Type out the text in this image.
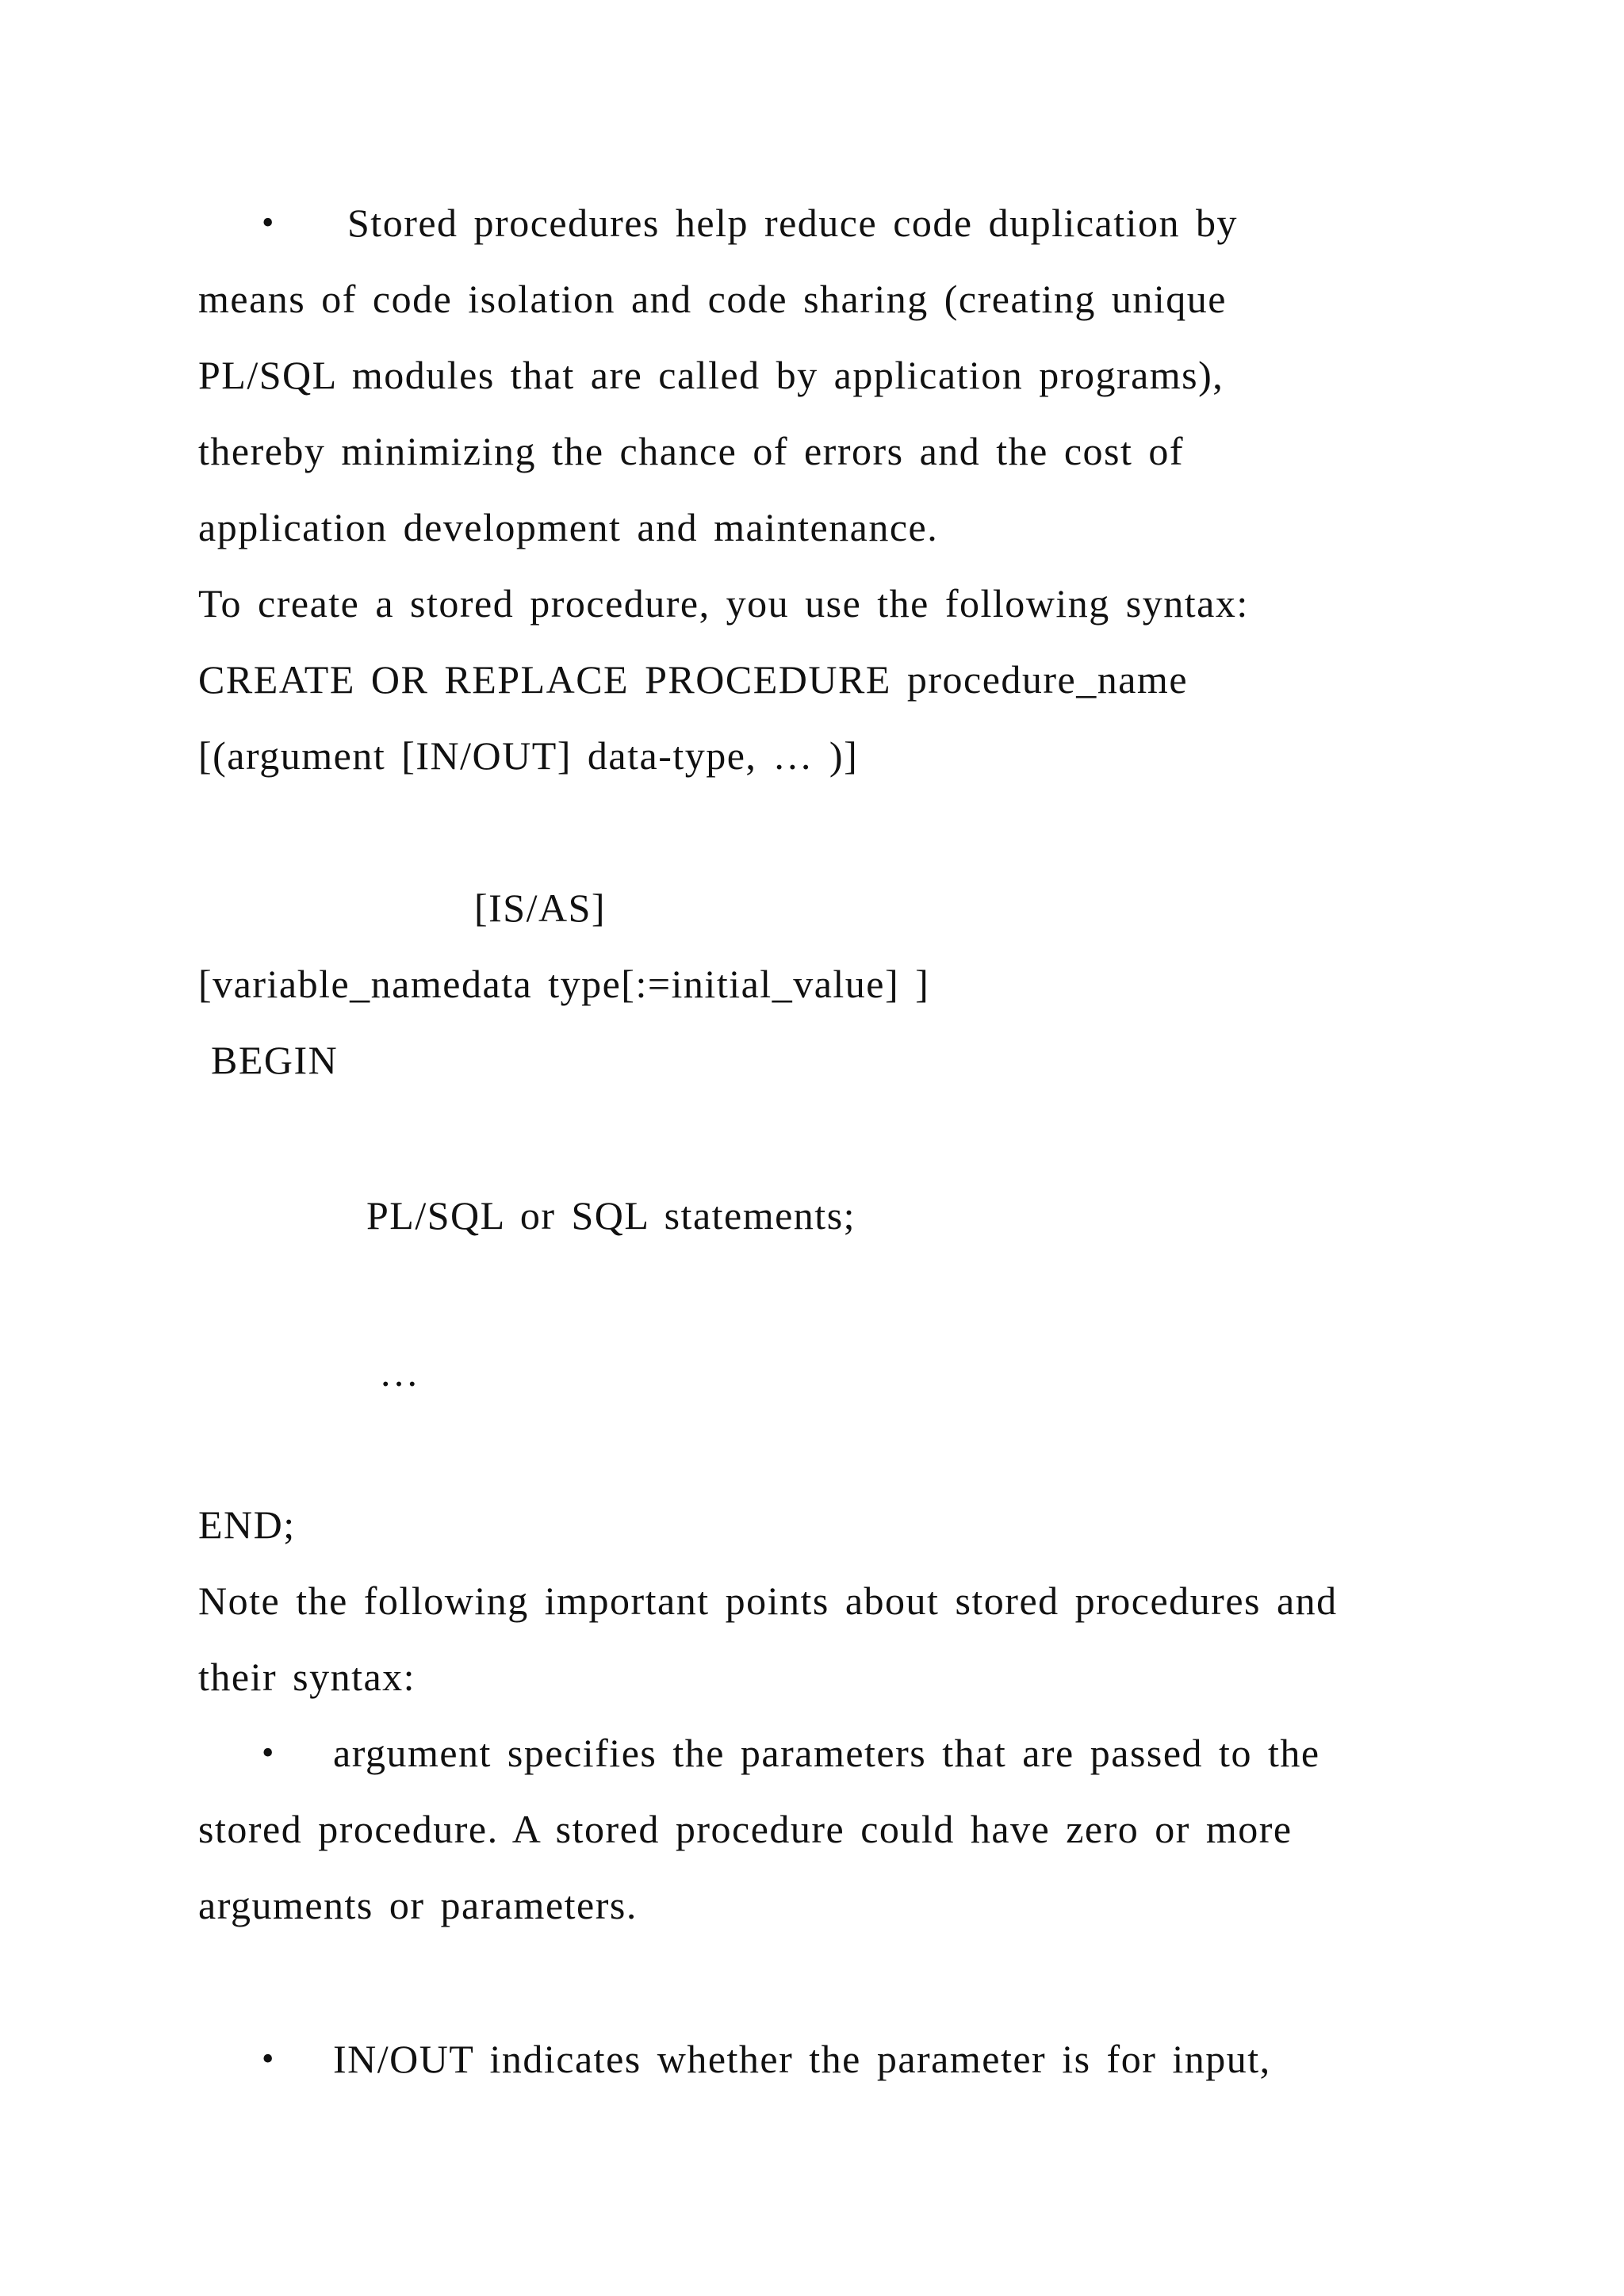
• Stored procedures help reduce code duplication by
means of code isolation and code sharing (creating unique
PL/SQL modules that are called by application programs),
thereby minimizing the chance of errors and the cost of
application development and maintenance.
To create a stored procedure, you use the following syntax:
CREATE OR REPLACE PROCEDURE procedure_name
[(argument [IN/OUT] data-type, … )]
[IS/AS]
[variable_namedata type[:=initial_value] ]
BEGIN
PL/SQL or SQL statements;
…
END;
Note the following important points about stored procedures and
their syntax:
• argument specifies the parameters that are passed to the
stored procedure. A stored procedure could have zero or more
arguments or parameters.
• IN/OUT indicates whether the parameter is for input,
